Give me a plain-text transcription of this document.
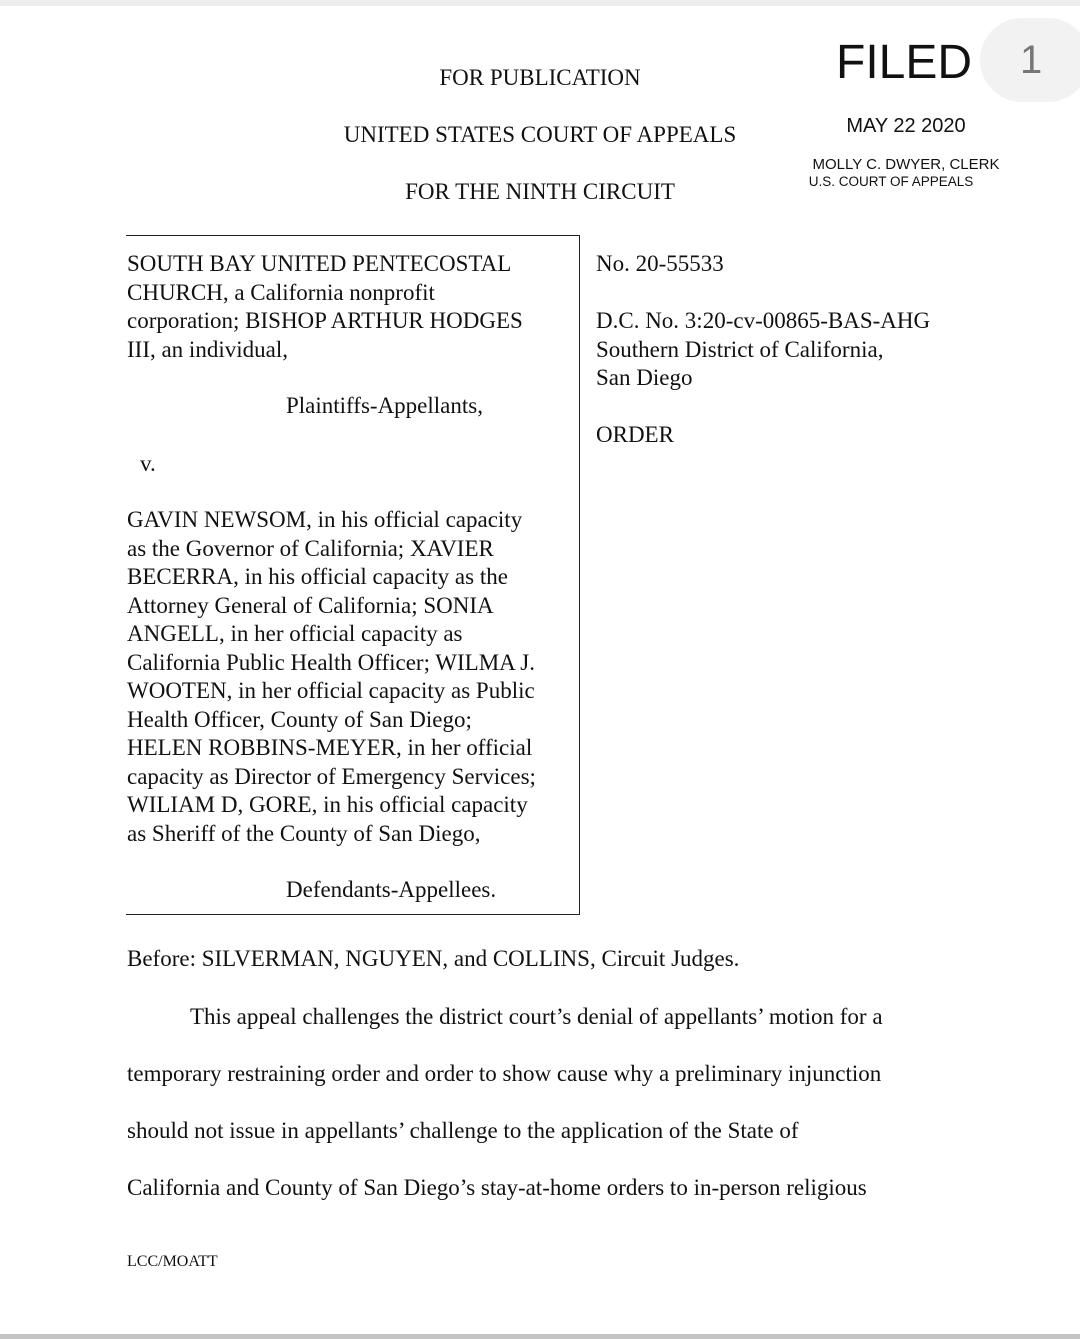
FOR PUBLICATION
UNITED STATES COURT OF APPEALS
FOR THE NINTH CIRCUIT
1
FILED
MAY 22 2020
MOLLY C. DWYER, CLERK
U.S. COURT OF APPEALS
SOUTH BAY UNITED PENTECOSTAL
CHURCH, a California nonprofit
corporation; BISHOP ARTHUR HODGES
III, an individual,
Plaintiffs-Appellants,
v.
GAVIN NEWSOM, in his official capacity
as the Governor of California; XAVIER
BECERRA, in his official capacity as the
Attorney General of California; SONIA
ANGELL, in her official capacity as
California Public Health Officer; WILMA J.
WOOTEN, in her official capacity as Public
Health Officer, County of San Diego;
HELEN ROBBINS-MEYER, in her official
capacity as Director of Emergency Services;
WILIAM D, GORE, in his official capacity
as Sheriff of the County of San Diego,
Defendants-Appellees.
No. 20-55533
D.C. No. 3:20-cv-00865-BAS-AHG
Southern District of California,
San Diego
ORDER
Before: SILVERMAN, NGUYEN, and COLLINS, Circuit Judges.
This appeal challenges the district court’s denial of appellants’ motion for a
temporary restraining order and order to show cause why a preliminary injunction
should not issue in appellants’ challenge to the application of the State of
California and County of San Diego’s stay-at-home orders to in-person religious
LCC/MOATT
